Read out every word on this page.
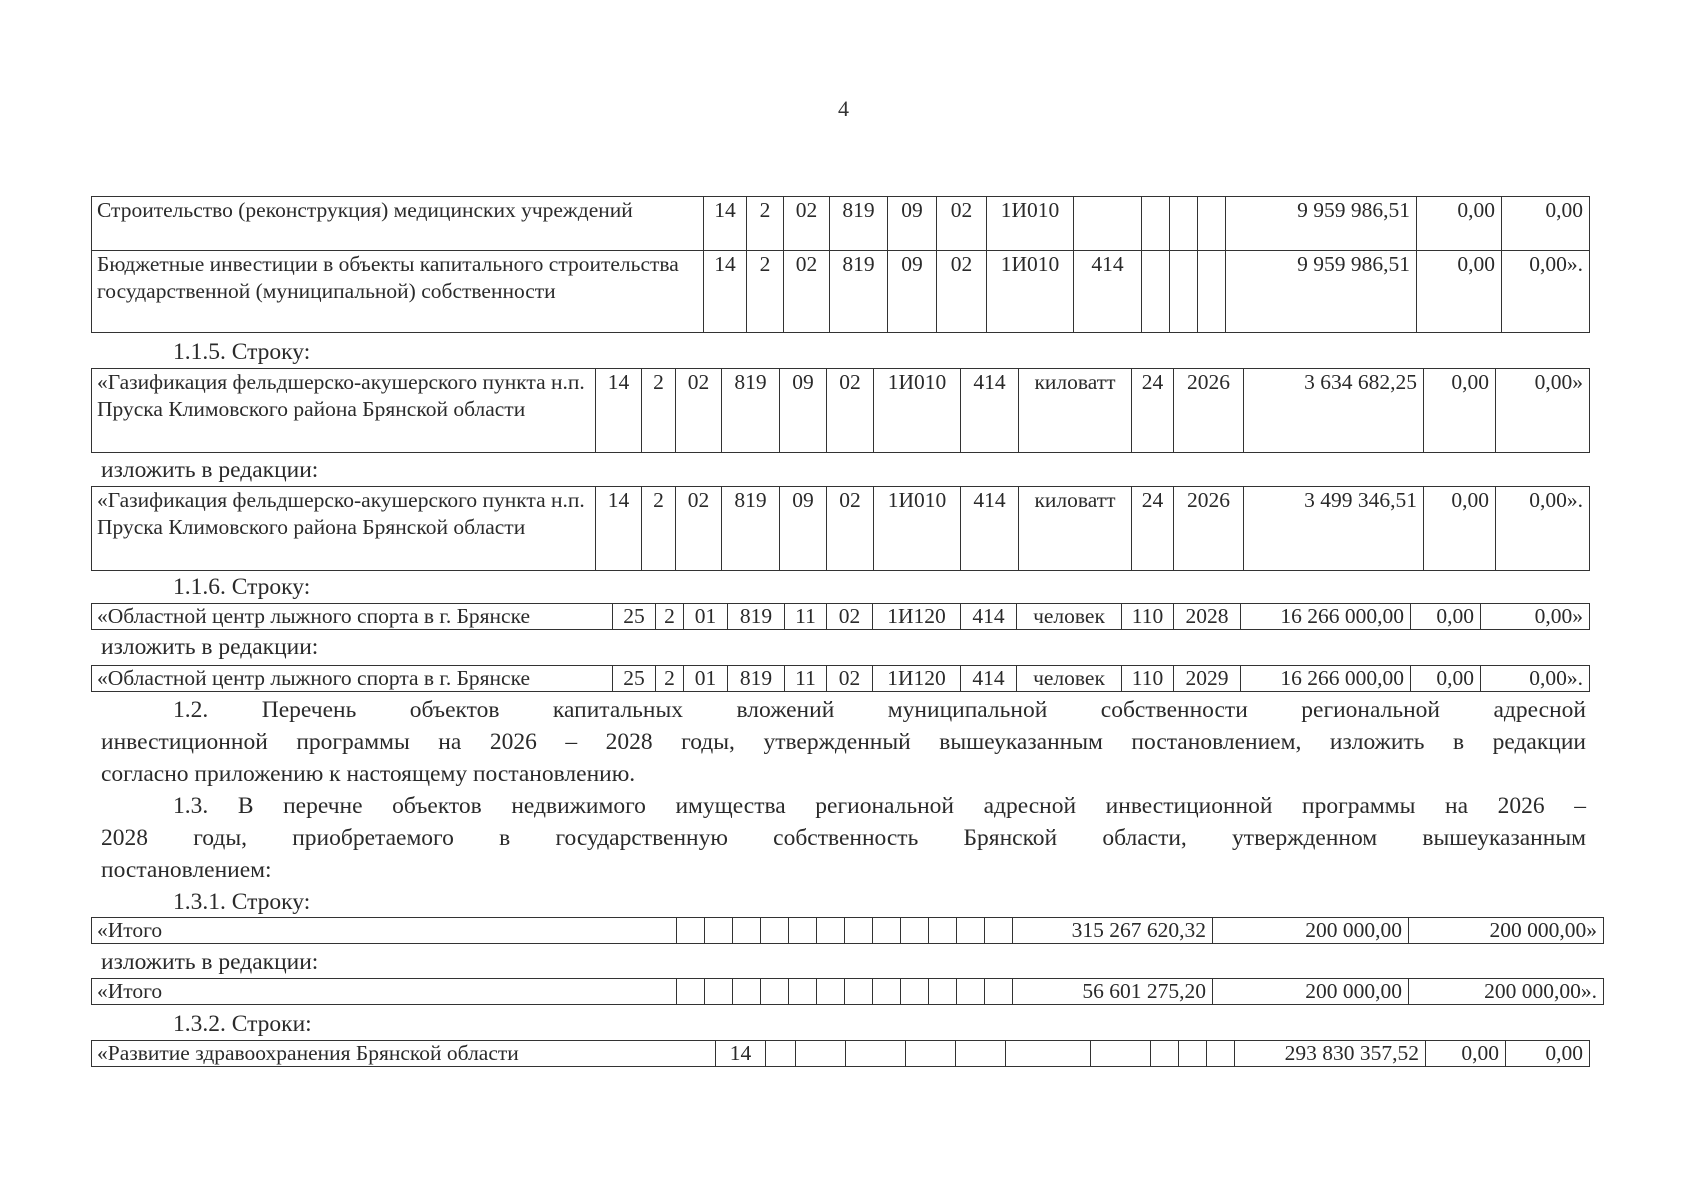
4
Строительство (реконструкция) медицинских учреждений	14	2	02	819	09	02	1И010					9 959 986,51	0,00	0,00
Бюджетные инвестиции в объекты капитального строительства государственной (муниципальной) собственности	14	2	02	819	09	02	1И010	414				9 959 986,51	0,00	0,00».
1.1.5. Строку:
«Газификация фельдшерско-акушерского пункта н.п. Пруска Климовского района Брянской области	14	2	02	819	09	02	1И010	414	киловатт	24	2026	3 634 682,25	0,00	0,00»
изложить в редакции:
«Газификация фельдшерско-акушерского пункта н.п. Пруска Климовского района Брянской области	14	2	02	819	09	02	1И010	414	киловатт	24	2026	3 499 346,51	0,00	0,00».
1.1.6. Строку:
«Областной центр лыжного спорта в г. Брянске	25	2	01	819	11	02	1И120	414	человек	110	2028	16 266 000,00	0,00	0,00»
изложить в редакции:
«Областной центр лыжного спорта в г. Брянске	25	2	01	819	11	02	1И120	414	человек	110	2029	16 266 000,00	0,00	0,00».
1.2. Перечень объектов капитальных вложений муниципальной собственности региональной адресной
инвестиционной программы на 2026 – 2028 годы, утвержденный вышеуказанным постановлением, изложить в редакции
согласно приложению к настоящему постановлению.
1.3. В перечне объектов недвижимого имущества региональной адресной инвестиционной программы на 2026 –
2028 годы, приобретаемого в государственную собственность Брянской области, утвержденном вышеуказанным
постановлением:
1.3.1. Строку:
«Итого													315 267 620,32	200 000,00	200 000,00»
изложить в редакции:
«Итого													56 601 275,20	200 000,00	200 000,00».
1.3.2. Строки:
«Развитие здравоохранения Брянской области	14											293 830 357,52	0,00	0,00
